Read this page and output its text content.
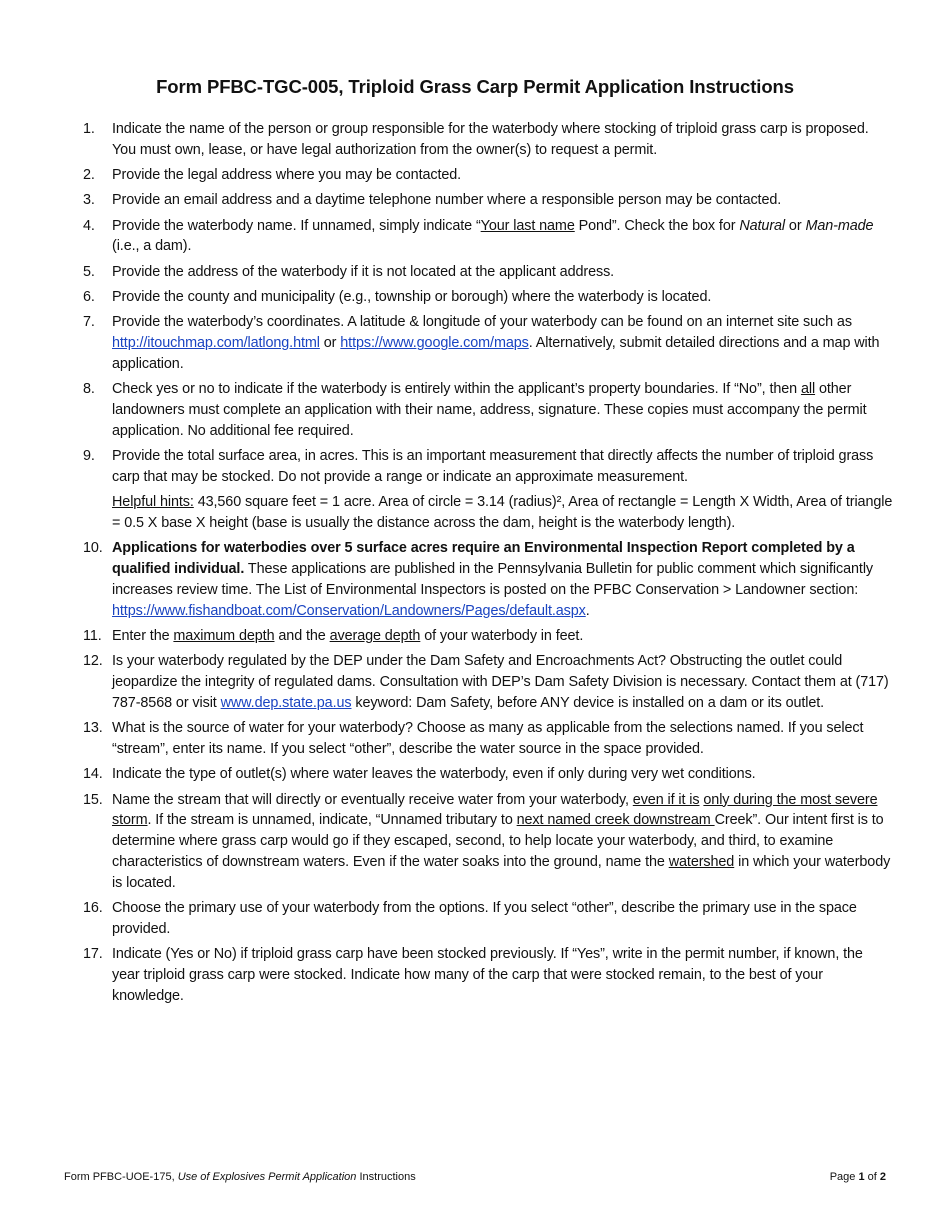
Form PFBC-TGC-005, Triploid Grass Carp Permit Application Instructions
1. Indicate the name of the person or group responsible for the waterbody where stocking of triploid grass carp is proposed. You must own, lease, or have legal authorization from the owner(s) to request a permit.
2. Provide the legal address where you may be contacted.
3. Provide an email address and a daytime telephone number where a responsible person may be contacted.
4. Provide the waterbody name. If unnamed, simply indicate “Your last name Pond”. Check the box for Natural or Man-made (i.e., a dam).
5. Provide the address of the waterbody if it is not located at the applicant address.
6. Provide the county and municipality (e.g., township or borough) where the waterbody is located.
7. Provide the waterbody’s coordinates. A latitude & longitude of your waterbody can be found on an internet site such as http://itouchmap.com/latlong.html or https://www.google.com/maps. Alternatively, submit detailed directions and a map with application.
8. Check yes or no to indicate if the waterbody is entirely within the applicant’s property boundaries. If “No”, then all other landowners must complete an application with their name, address, signature. These copies must accompany the permit application. No additional fee required.
9. Provide the total surface area, in acres. This is an important measurement that directly affects the number of triploid grass carp that may be stocked. Do not provide a range or indicate an approximate measurement.
Helpful hints: 43,560 square feet = 1 acre. Area of circle = 3.14 (radius)², Area of rectangle = Length X Width, Area of triangle = 0.5 X base X height (base is usually the distance across the dam, height is the waterbody length).
10. Applications for waterbodies over 5 surface acres require an Environmental Inspection Report completed by a qualified individual. These applications are published in the Pennsylvania Bulletin for public comment which significantly increases review time. The List of Environmental Inspectors is posted on the PFBC Conservation > Landowner section: https://www.fishandboat.com/Conservation/Landowners/Pages/default.aspx.
11. Enter the maximum depth and the average depth of your waterbody in feet.
12. Is your waterbody regulated by the DEP under the Dam Safety and Encroachments Act? Obstructing the outlet could jeopardize the integrity of regulated dams. Consultation with DEP’s Dam Safety Division is necessary. Contact them at (717) 787-8568 or visit www.dep.state.pa.us keyword: Dam Safety, before ANY device is installed on a dam or its outlet.
13. What is the source of water for your waterbody? Choose as many as applicable from the selections named. If you select “stream”, enter its name. If you select “other”, describe the water source in the space provided.
14. Indicate the type of outlet(s) where water leaves the waterbody, even if only during very wet conditions.
15. Name the stream that will directly or eventually receive water from your waterbody, even if it is only during the most severe storm. If the stream is unnamed, indicate, “Unnamed tributary to next named creek downstream Creek”. Our intent first is to determine where grass carp would go if they escaped, second, to help locate your waterbody, and third, to examine characteristics of downstream waters. Even if the water soaks into the ground, name the watershed in which your waterbody is located.
16. Choose the primary use of your waterbody from the options. If you select “other”, describe the primary use in the space provided.
17. Indicate (Yes or No) if triploid grass carp have been stocked previously. If “Yes”, write in the permit number, if known, the year triploid grass carp were stocked. Indicate how many of the carp that were stocked remain, to the best of your knowledge.
Form PFBC-UOE-175, Use of Explosives Permit Application Instructions	Page 1 of 2
